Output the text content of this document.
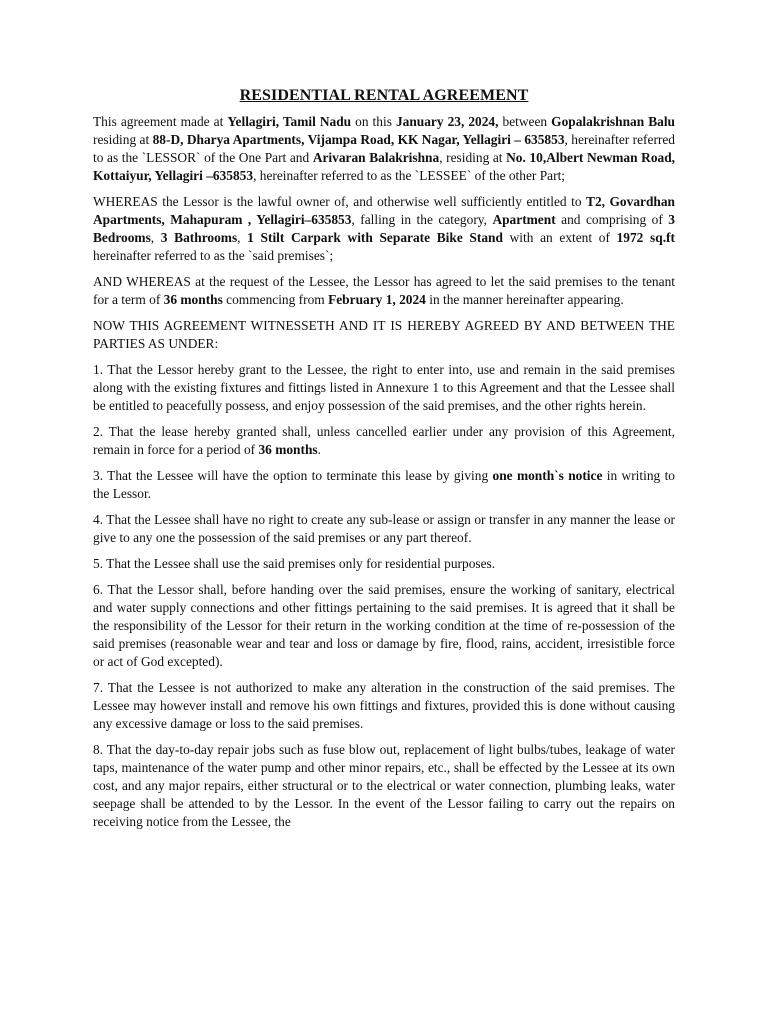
RESIDENTIAL RENTAL AGREEMENT

This agreement made at Yellagiri, Tamil Nadu on this January 23, 2024, between Gopalakrishnan Balu residing at 88-D, Dharya Apartments, Vijampa Road, KK Nagar, Yellagiri – 635853, hereinafter referred to as the `LESSOR` of the One Part and Arivaran Balakrishna, residing at No. 10,Albert Newman Road, Kottaiyur, Yellagiri –635853, hereinafter referred to as the `LESSEE` of the other Part;

WHEREAS the Lessor is the lawful owner of, and otherwise well sufficiently entitled to T2, Govardhan Apartments, Mahapuram , Yellagiri–635853, falling in the category, Apartment and comprising of 3 Bedrooms, 3 Bathrooms, 1 Stilt Carpark with Separate Bike Stand with an extent of 1972 sq.ft hereinafter referred to as the `said premises`;

AND WHEREAS at the request of the Lessee, the Lessor has agreed to let the said premises to the tenant for a term of 36 months commencing from February 1, 2024 in the manner hereinafter appearing.

NOW THIS AGREEMENT WITNESSETH AND IT IS HEREBY AGREED BY AND BETWEEN THE PARTIES AS UNDER:

1. That the Lessor hereby grant to the Lessee, the right to enter into, use and remain in the said premises along with the existing fixtures and fittings listed in Annexure 1 to this Agreement and that the Lessee shall be entitled to peacefully possess, and enjoy possession of the said premises, and the other rights herein.

2. That the lease hereby granted shall, unless cancelled earlier under any provision of this Agreement, remain in force for a period of 36 months.

3. That the Lessee will have the option to terminate this lease by giving one month`s notice in writing to the Lessor.

4. That the Lessee shall have no right to create any sub-lease or assign or transfer in any manner the lease or give to any one the possession of the said premises or any part thereof.

5. That the Lessee shall use the said premises only for residential purposes.

6. That the Lessor shall, before handing over the said premises, ensure the working of sanitary, electrical and water supply connections and other fittings pertaining to the said premises. It is agreed that it shall be the responsibility of the Lessor for their return in the working condition at the time of re-possession of the said premises (reasonable wear and tear and loss or damage by fire, flood, rains, accident, irresistible force or act of God excepted).

7. That the Lessee is not authorized to make any alteration in the construction of the said premises. The Lessee may however install and remove his own fittings and fixtures, provided this is done without causing any excessive damage or loss to the said premises.

8. That the day-to-day repair jobs such as fuse blow out, replacement of light bulbs/tubes, leakage of water taps, maintenance of the water pump and other minor repairs, etc., shall be effected by the Lessee at its own cost, and any major repairs, either structural or to the electrical or water connection, plumbing leaks, water seepage shall be attended to by the Lessor. In the event of the Lessor failing to carry out the repairs on receiving notice from the Lessee, the
